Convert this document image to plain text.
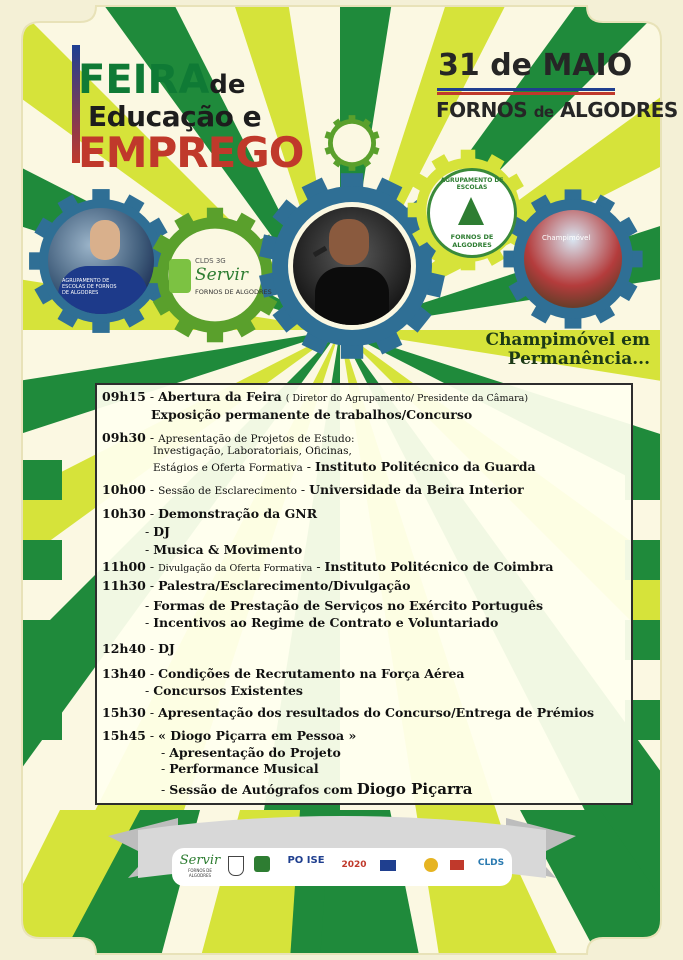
AGRUPAMENTO DE ESCOLAS DE FORNOS DE ALGODRES
Champimóvel
CLDS 3G
Servir
FORNOS DE ALGODRES
AGRUPAMENTO DE ESCOLAS
FORNOS DE ALGODRES
FEIRAde
Educação e
EMPREGO
31 de MAIO
FORNOS de ALGODRES
Champimóvel em Permanência...
09h15 - Abertura da Feira ( Diretor do Agrupamento/ Presidente da Câmara)
Exposição permanente de trabalhos/Concurso
09h30 - Apresentação de Projetos de Estudo:
Investigação, Laboratoriais, Oficinas,
Estágios e Oferta Formativa - Instituto Politécnico da Guarda
10h00 - Sessão de Esclarecimento - Universidade da Beira Interior
10h30 - Demonstração da GNR
- DJ
- Musica & Movimento
11h00 - Divulgação da Oferta Formativa - Instituto Politécnico de Coimbra
11h30 - Palestra/Esclarecimento/Divulgação
- Formas de Prestação de Serviços no Exército Português
- Incentivos ao Regime de Contrato e Voluntariado
12h40 - DJ
13h40 - Condições de Recrutamento na Força Aérea
- Concursos Existentes
15h30 - Apresentação dos resultados do Concurso/Entrega de Prémios
15h45 - « Diogo Piçarra em Pessoa »
- Apresentação do Projeto
- Performance Musical
- Sessão de Autógrafos com Diogo Piçarra
Servir
FORNOS DE ALGODRES
PO ISE	2020	CLDS
